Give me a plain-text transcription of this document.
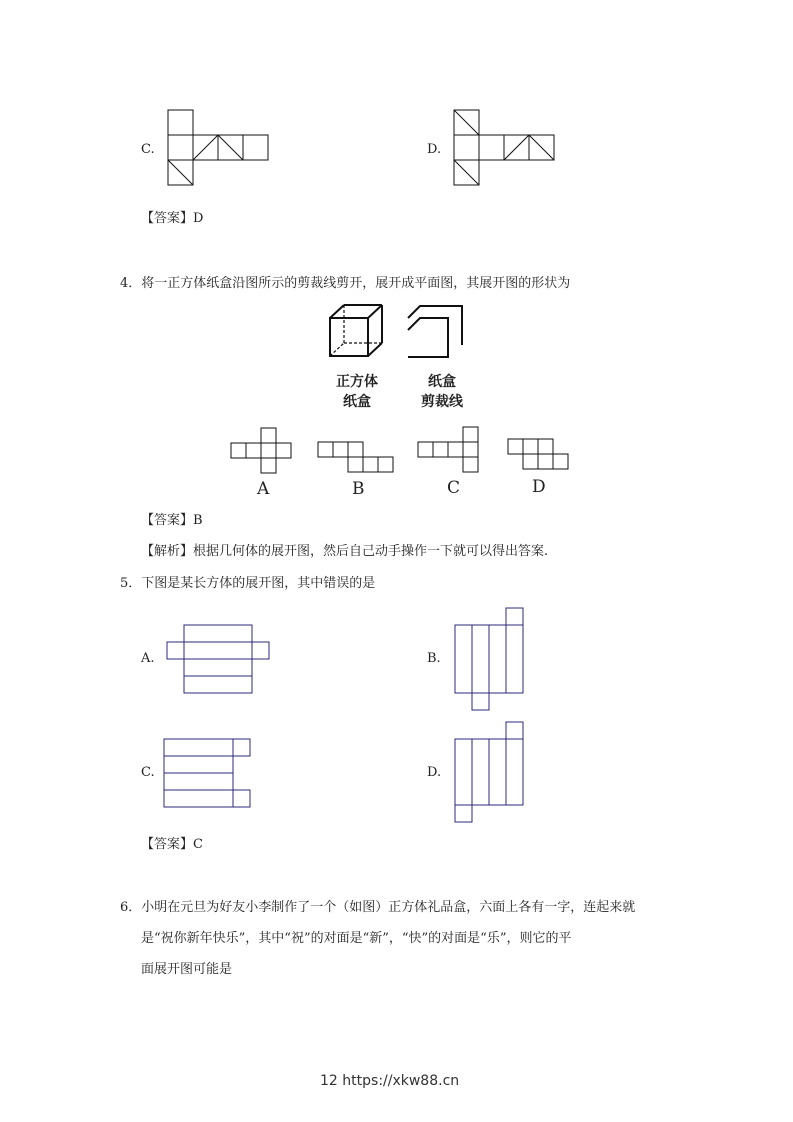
C.	D.
【答案】D
4．将一正方体纸盒沿图所示的剪裁线剪开，展开成平面图，其展开图的形状为
正方体
纸盒
纸盒
剪裁线
A	B	C	D
【答案】B
【解析】根据几何体的展开图，然后自己动手操作一下就可以得出答案.
5．下图是某长方体的展开图，其中错误的是
A.	B.
C.	D.
【答案】C
6．小明在元旦为好友小李制作了一个（如图）正方体礼品盒，六面上各有一字，连起来就
是“祝你新年快乐”，其中“祝”的对面是“新”，“快”的对面是“乐”，则它的平
面展开图可能是
12 https://xkw88.cn
